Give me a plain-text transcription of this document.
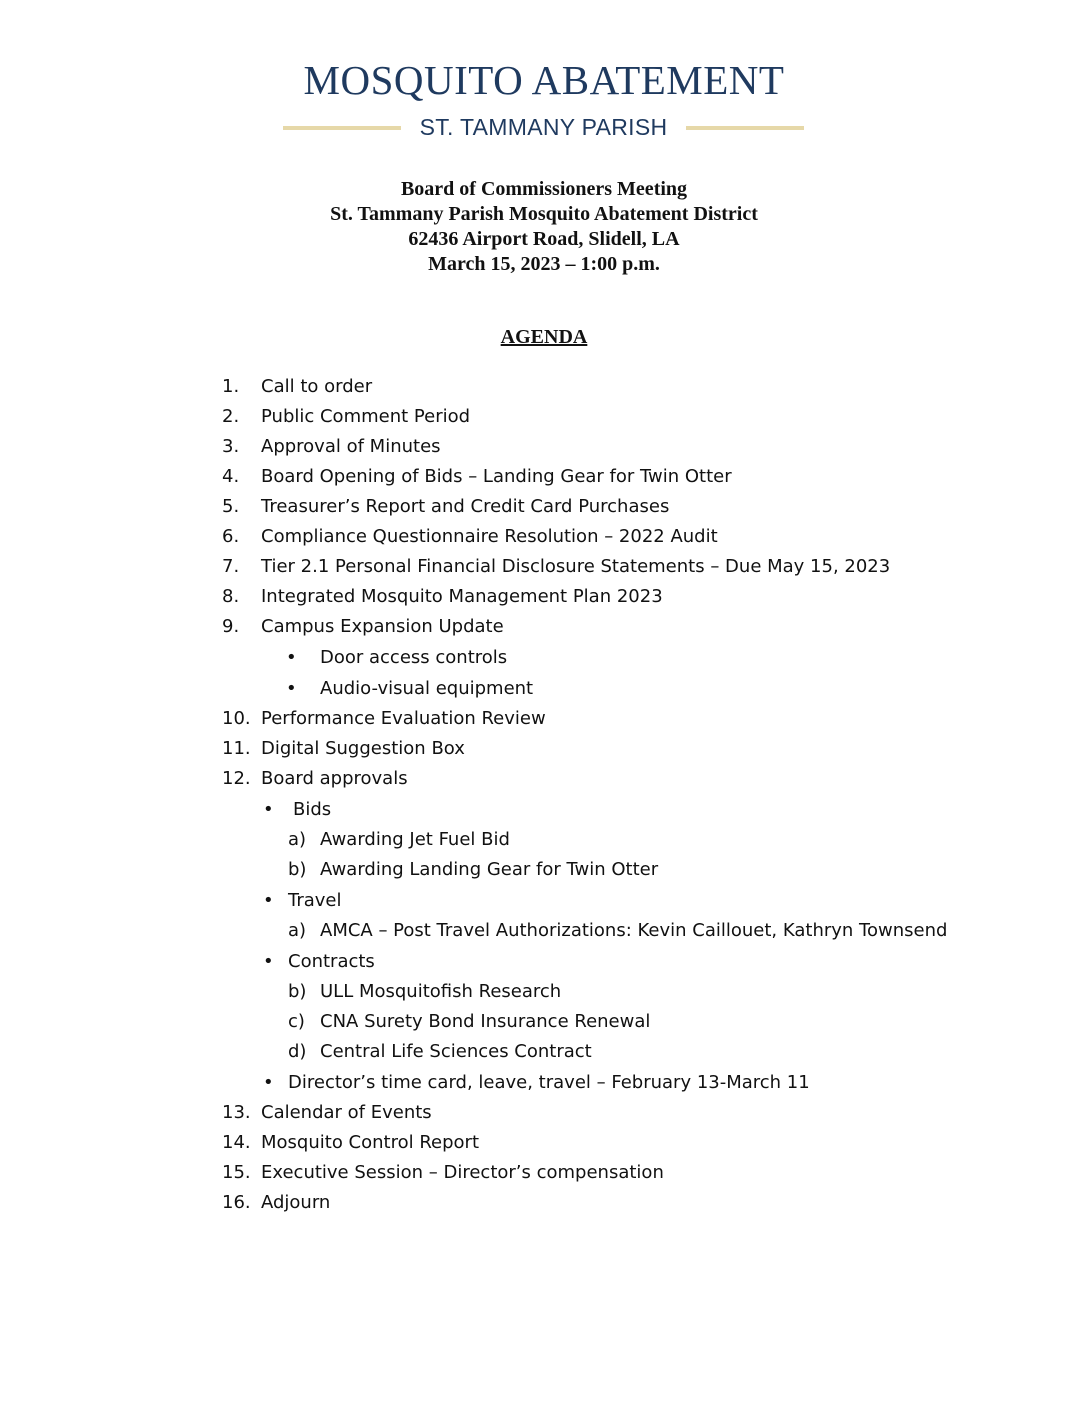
MOSQUITO ABATEMENT
ST. TAMMANY PARISH
Board of Commissioners Meeting
St. Tammany Parish Mosquito Abatement District
62436 Airport Road, Slidell, LA
March 15, 2023 – 1:00 p.m.
AGENDA
1.	Call to order
2.	Public Comment Period
3.	Approval of Minutes
4.	Board Opening of Bids – Landing Gear for Twin Otter
5.	Treasurer’s Report and Credit Card Purchases
6.	Compliance Questionnaire Resolution – 2022 Audit
7.	Tier 2.1 Personal Financial Disclosure Statements – Due May 15, 2023
8.	Integrated Mosquito Management Plan 2023
9.	Campus Expansion Update
• Door access controls
• Audio-visual equipment
10. Performance Evaluation Review
11. Digital Suggestion Box
12. Board approvals
• Bids
a) Awarding Jet Fuel Bid
b) Awarding Landing Gear for Twin Otter
• Travel
a) AMCA – Post Travel Authorizations: Kevin Caillouet, Kathryn Townsend
• Contracts
b) ULL Mosquitofish Research
c) CNA Surety Bond Insurance Renewal
d) Central Life Sciences Contract
• Director’s time card, leave, travel – February 13-March 11
13. Calendar of Events
14. Mosquito Control Report
15. Executive Session – Director’s compensation
16. Adjourn
